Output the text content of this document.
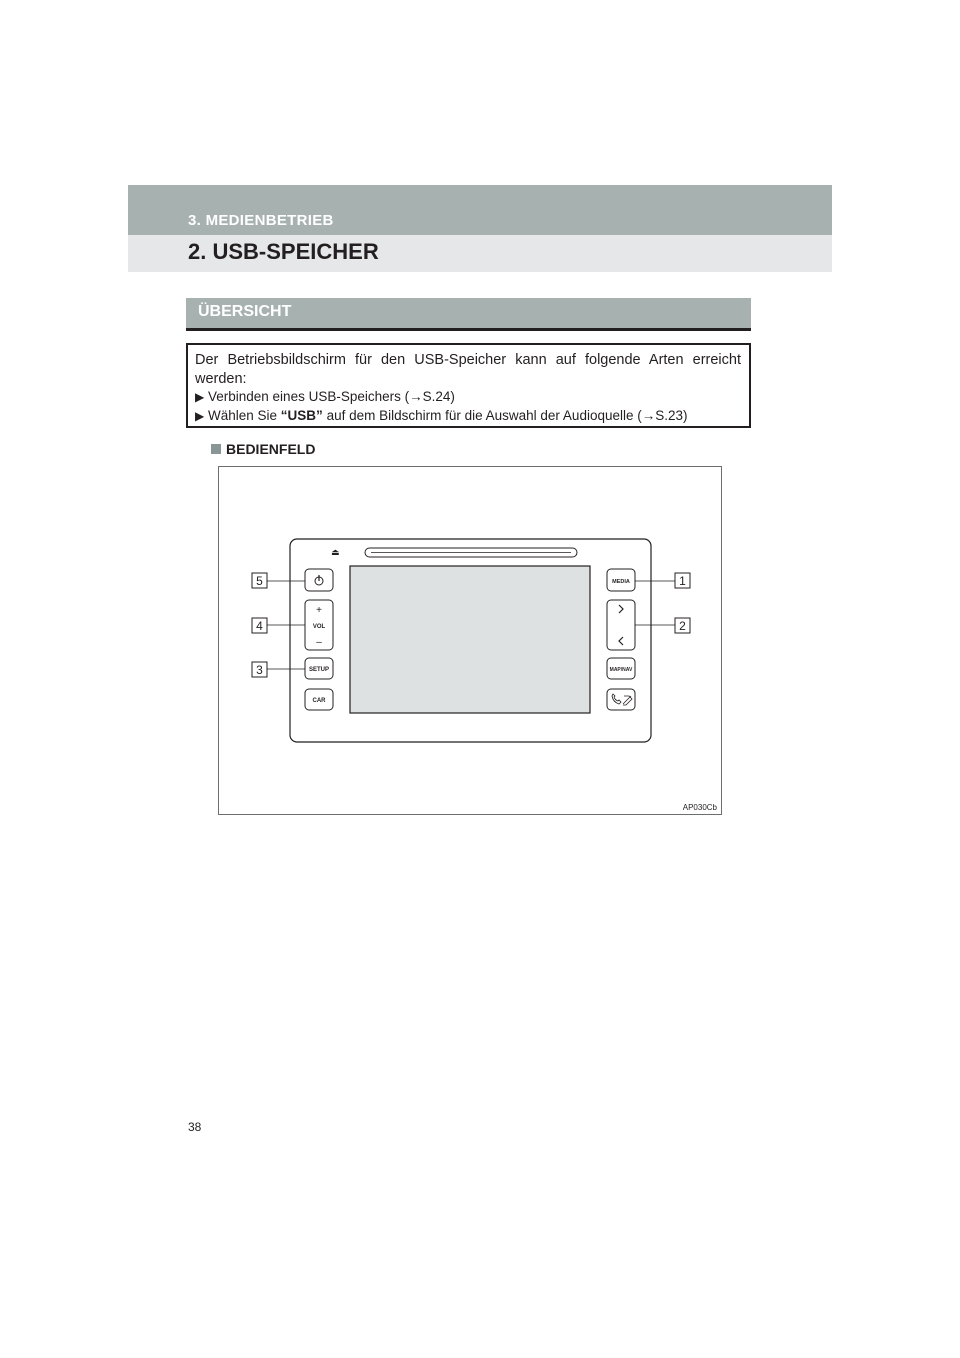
3. MEDIENBETRIEB
2. USB-SPEICHER
ÜBERSICHT
Der Betriebsbildschirm für den USB-Speicher kann auf folgende Arten erreicht werden:
▶ Verbinden eines USB-Speichers (→S.24)
▶ Wählen Sie “USB” auf dem Bildschirm für die Auswahl der Audioquelle (→S.23)
BEDIENFELD
⏏
+
VOL
–
SETUP
CAR
MEDIA
MAP/NAV
5
4
3
1
2
AP030Cb
38
